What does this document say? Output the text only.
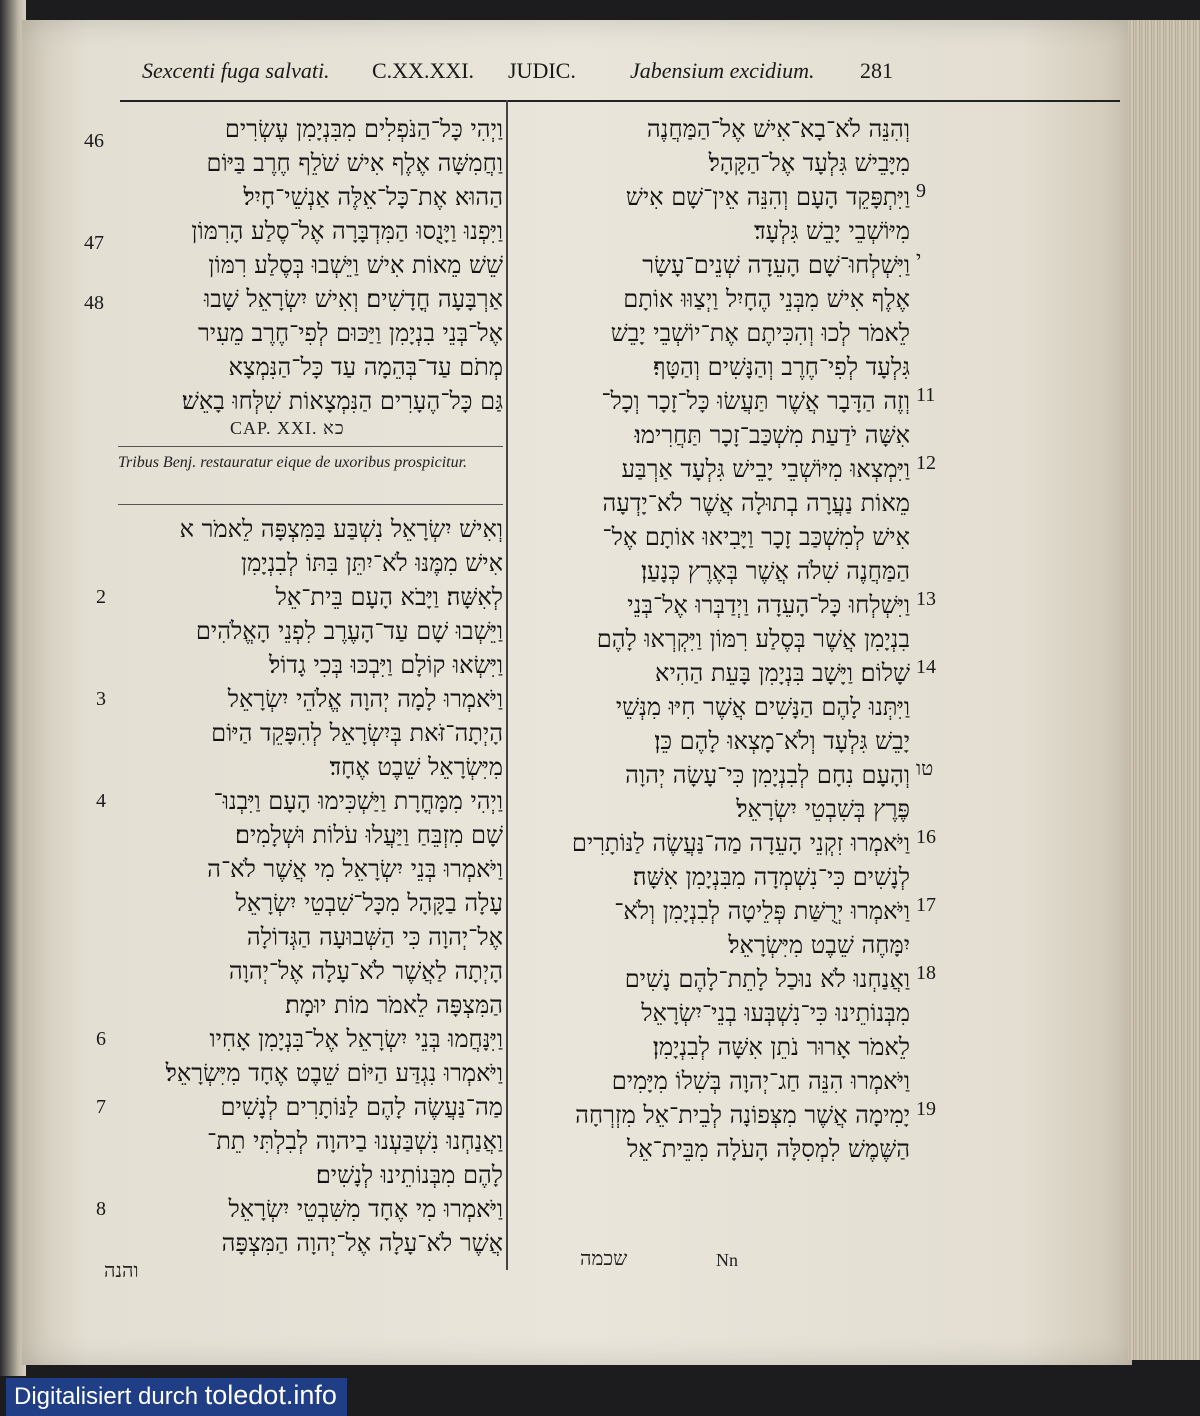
Sexcenti fuga salvati. C.XX.XXI. JUDIC. Jabensium excidium. 281
וַיְהִי כָּל־הַנֹּפְלִים מִבִּנְיָמִן עֶשְׂרִים
וַחֲמִשָּׁה אֶלֶף אִישׁ שֹׁלֵף חֶרֶב בַּיּוֹם
הַהוּא אֶת־כָּל־אֵלֶּה אַנְשֵׁי־חָיִל׃
וַיִּפְנוּ וַיָּנֻסוּ הַמִּדְבָּרָה אֶל־סֶלַע הָרִמּוֹן
שֵׁשׁ מֵאוֹת אִישׁ וַיֵּשְׁבוּ בְּסֶלַע רִמּוֹן
אַרְבָּעָה חֳדָשִׁים׃ וְאִישׁ יִשְׂרָאֵל שָׁבוּ
אֶל־בְּנֵי בִנְיָמִן וַיַּכּוּם לְפִי־חֶרֶב מֵעִיר
מְתֹם עַד־בְּהֵמָה עַד כָּל־הַנִּמְצָא
גַּם כָּל־הֶעָרִים הַנִּמְצָאוֹת שִׁלְּחוּ בָאֵשׁ׃
46
47
48
CAP. XXI. כא
Tribus Benj. restauratur eique de uxoribus prospicitur.
וְאִישׁ יִשְׂרָאֵל נִשְׁבַּע בַּמִּצְפָּה לֵאמֹר א
אִישׁ מִמֶּנּוּ לֹא־יִתֵּן בִּתּוֹ לְבִנְיָמִן
לְאִשָּׁה׃ וַיָּבֹא הָעָם בֵּית־אֵל
וַיֵּשְׁבוּ שָׁם עַד־הָעֶרֶב לִפְנֵי הָאֱלֹהִים
וַיִּשְׂאוּ קוֹלָם וַיִּבְכּוּ בְּכִי גָדוֹל׃
וַיֹּאמְרוּ לָמָה יְהוָה אֱלֹהֵי יִשְׂרָאֵל
הָיְתָה־זֹּאת בְּיִשְׂרָאֵל לְהִפָּקֵד הַיּוֹם
מִיִּשְׂרָאֵל שֵׁבֶט אֶחָד׃
וַיְהִי מִמָּחֳרָת וַיַּשְׁכִּימוּ הָעָם וַיִּבְנוּ־
שָׁם מִזְבֵּחַ וַיַּעֲלוּ עֹלוֹת וּשְׁלָמִים׃
וַיֹּאמְרוּ בְּנֵי יִשְׂרָאֵל מִי אֲשֶׁר לֹא־ה
עָלָה בַקָּהָל מִכָּל־שִׁבְטֵי יִשְׂרָאֵל
אֶל־יְהוָה כִּי הַשְּׁבוּעָה הַגְּדוֹלָה
הָיְתָה לַאֲשֶׁר לֹא־עָלָה אֶל־יְהוָה
הַמִּצְפָּה לֵאמֹר מוֹת יוּמָת׃
וַיִּנָּחֲמוּ בְּנֵי יִשְׂרָאֵל אֶל־בִּנְיָמִן אָחִיו
וַיֹּאמְרוּ נִגְדַּע הַיּוֹם שֵׁבֶט אֶחָד מִיִּשְׂרָאֵל׃
מַה־נַּעֲשֶׂה לָהֶם לַנּוֹתָרִים לְנָשִׁים
וַאֲנַחְנוּ נִשְׁבַּעְנוּ בַיהוָה לְבִלְתִּי תֵת־
לָהֶם מִבְּנוֹתֵינוּ לְנָשִׁים׃
וַיֹּאמְרוּ מִי אֶחָד מִשִּׁבְטֵי יִשְׂרָאֵל
אֲשֶׁר לֹא־עָלָה אֶל־יְהוָה הַמִּצְפָּה
2
3
4
6
7
8
והנה
וְהִנֵּה לֹא־בָא־אִישׁ אֶל־הַמַּחֲנֶה
מִיָּבֵישׁ גִּלְעָד אֶל־הַקָּהָל׃
וַיִּתְפָּקֵד הָעָם וְהִנֵּה אֵין־שָׁם אִישׁ
מִיּוֹשְׁבֵי יָבֵשׁ גִּלְעָד׃
וַיִּשְׁלְחוּ־שָׁם הָעֵדָה שְׁנֵים־עָשָׂר
אֶלֶף אִישׁ מִבְּנֵי הֶחָיִל וַיְצַוּוּ אוֹתָם
לֵאמֹר לְכוּ וְהִכִּיתֶם אֶת־יוֹשְׁבֵי יָבֵשׁ
גִּלְעָד לְפִי־חֶרֶב וְהַנָּשִׁים וְהַטָּף׃
וְזֶה הַדָּבָר אֲשֶׁר תַּעֲשׂוּ כָּל־זָכָר וְכָל־
אִשָּׁה יֹדַעַת מִשְׁכַּב־זָכָר תַּחֲרִימוּ׃
וַיִּמְצְאוּ מִיּוֹשְׁבֵי יָבֵישׁ גִּלְעָד אַרְבַּע
מֵאוֹת נַעֲרָה בְתוּלָה אֲשֶׁר לֹא־יָדְעָה
אִישׁ לְמִשְׁכַּב זָכָר וַיָּבִיאוּ אוֹתָם אֶל־
הַמַּחֲנֶה שִׁלֹה אֲשֶׁר בְּאֶרֶץ כְּנָעַן׃
וַיִּשְׁלְחוּ כָּל־הָעֵדָה וַיְדַבְּרוּ אֶל־בְּנֵי
בִנְיָמִן אֲשֶׁר בְּסֶלַע רִמּוֹן וַיִּקְרְאוּ לָהֶם
שָׁלוֹם׃ וַיָּשָׁב בִּנְיָמִן בָּעֵת הַהִיא
וַיִּתְּנוּ לָהֶם הַנָּשִׁים אֲשֶׁר חִיּוּ מִנְּשֵׁי
יָבֵשׁ גִּלְעָד וְלֹא־מָצְאוּ לָהֶם כֵּן׃
וְהָעָם נִחָם לְבִנְיָמִן כִּי־עָשָׂה יְהוָה
פֶּרֶץ בְּשִׁבְטֵי יִשְׂרָאֵל׃
וַיֹּאמְרוּ זִקְנֵי הָעֵדָה מַה־נַּעֲשֶׂה לַנּוֹתָרִים
לְנָשִׁים כִּי־נִשְׁמְדָה מִבִּנְיָמִן אִשָּׁה׃
וַיֹּאמְרוּ יְרֻשַּׁת פְּלֵיטָה לְבִנְיָמִן וְלֹא־
יִמָּחֶה שֵׁבֶט מִיִּשְׂרָאֵל׃
וַאֲנַחְנוּ לֹא נוּכַל לָתֵת־לָהֶם נָשִׁים
מִבְּנוֹתֵינוּ כִּי־נִשְׁבְּעוּ בְנֵי־יִשְׂרָאֵל
לֵאמֹר אָרוּר נֹתֵן אִשָּׁה לְבִנְיָמִן׃
וַיֹּאמְרוּ הִנֵּה חַג־יְהוָה בְּשִׁלוֹ מִיָּמִים
יָמִימָה אֲשֶׁר מִצְּפוֹנָה לְבֵית־אֵל מִזְרְחָה
הַשֶּׁמֶשׁ לִמְסִלָּה הָעֹלָה מִבֵּית־אֵל
9
י
11
12
13
14
טו
16
17
18
19
שכמה	Nn
Digitalisiert durch toledot.info
